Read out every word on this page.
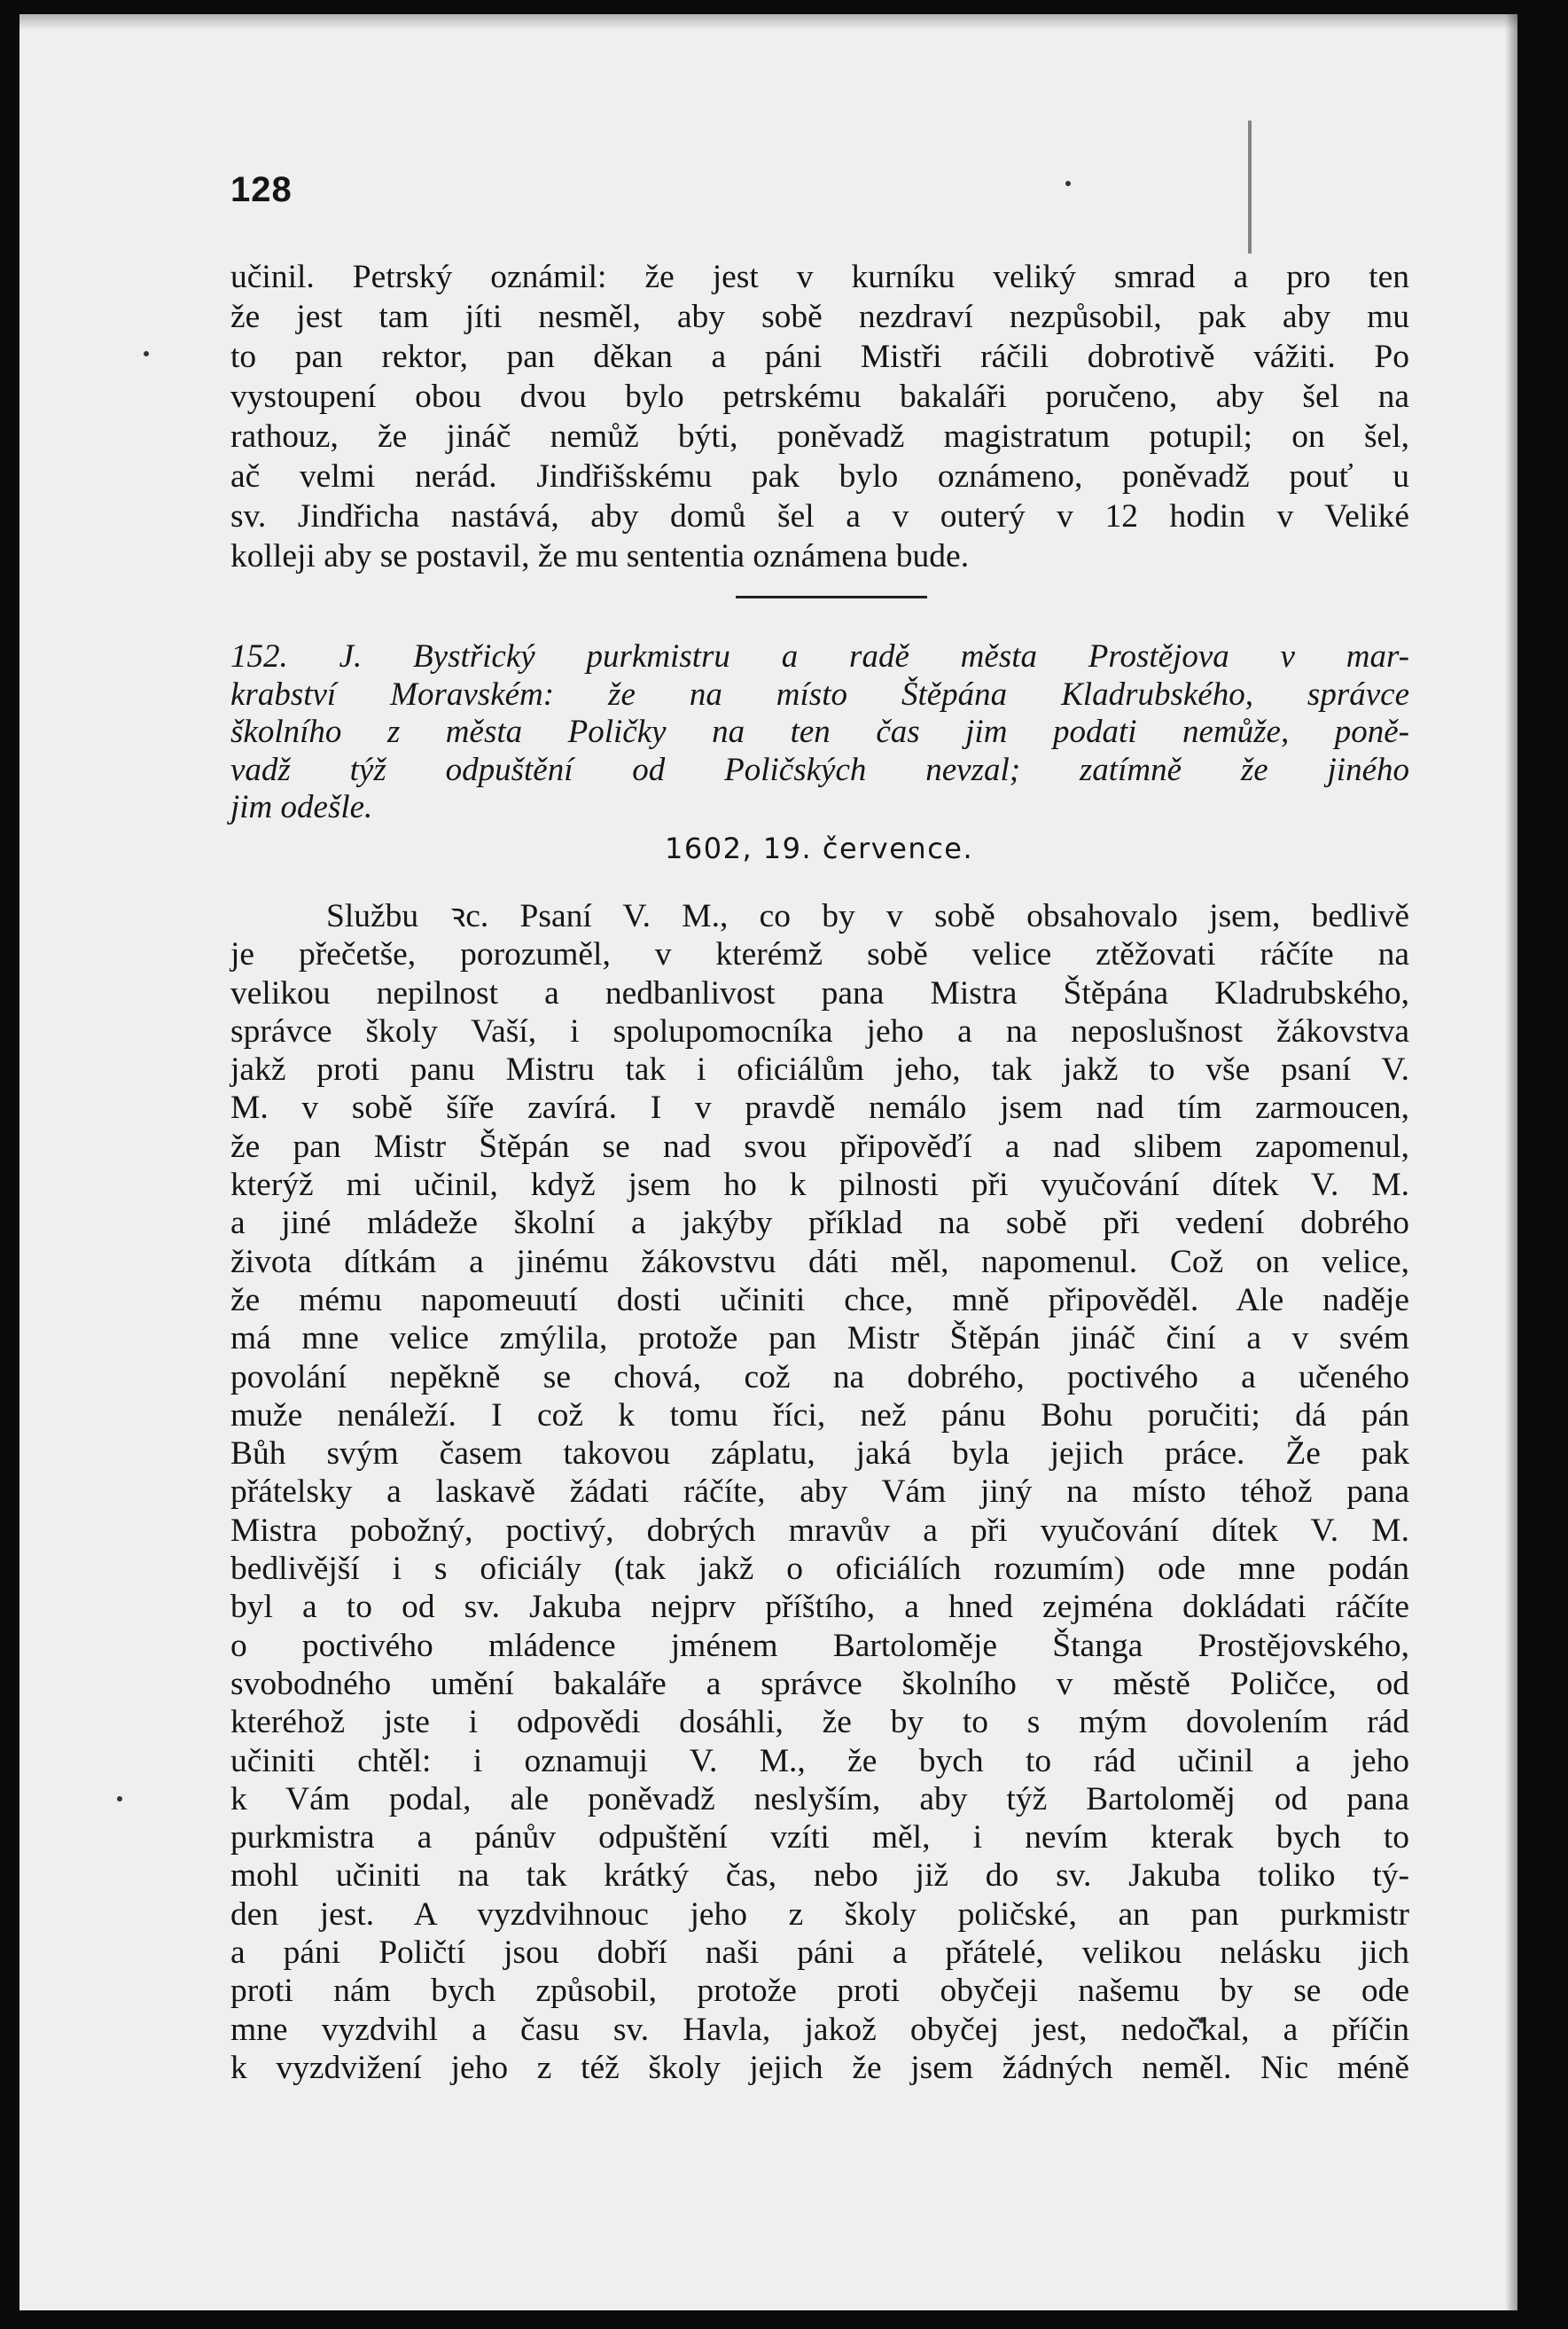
128
učinil. Petrský oznámil: že jest v kurníku veliký smrad a pro ten
že jest tam jíti nesměl, aby sobě nezdraví nezpůsobil, pak aby mu
to pan rektor, pan děkan a páni Mistři ráčili dobrotivě vážiti. Po
vystoupení obou dvou bylo petrskému bakaláři poručeno, aby šel na
rathouz, že jináč nemůž býti, poněvadž magistratum potupil; on šel,
ač velmi nerád. Jindřišskému pak bylo oznámeno, poněvadž pouť u
sv. Jindřicha nastává, aby domů šel a v outerý v 12 hodin v Veliké
kolleji aby se postavil, že mu sententia oznámena bude.
152. J. Bystřický purkmistru a radě města Prostějova v mar-
krabství Moravském: že na místo Štěpána Kladrubského, správce
školního z města Poličky na ten čas jim podati nemůže, poně-
vadž týž odpuštění od Poličských nevzal; zatímně že jiného
jim odešle.
1602, 19. července.
Službu ꝛc. Psaní V. M., co by v sobě obsahovalo jsem, bedlivě
je přečetše, porozuměl, v kterémž sobě velice ztěžovati ráčíte na
velikou nepilnost a nedbanlivost pana Mistra Štěpána Kladrubského,
správce školy Vaší, i spolupomocníka jeho a na neposlušnost žákovstva
jakž proti panu Mistru tak i oficiálům jeho, tak jakž to vše psaní V.
M. v sobě šíře zavírá. I v pravdě nemálo jsem nad tím zarmoucen,
že pan Mistr Štěpán se nad svou připověďí a nad slibem zapomenul,
kterýž mi učinil, když jsem ho k pilnosti při vyučování dítek V. M.
a jiné mládeže školní a jakýby příklad na sobě při vedení dobrého
života dítkám a jinému žákovstvu dáti měl, napomenul. Což on velice,
že mému napomeuutí dosti učiniti chce, mně připověděl. Ale naděje
má mne velice zmýlila, protože pan Mistr Štěpán jináč činí a v svém
povolání nepěkně se chová, což na dobrého, poctivého a učeného
muže nenáleží. I což k tomu říci, než pánu Bohu poručiti; dá pán
Bůh svým časem takovou záplatu, jaká byla jejich práce. Že pak
přátelsky a laskavě žádati ráčíte, aby Vám jiný na místo téhož pana
Mistra pobožný, poctivý, dobrých mravův a při vyučování dítek V. M.
bedlivější i s oficiály (tak jakž o oficiálích rozumím) ode mne podán
byl a to od sv. Jakuba nejprv příštího, a hned zejména dokládati ráčíte
o poctivého mládence jménem Bartoloměje Štanga Prostějovského,
svobodného umění bakaláře a správce školního v městě Poličce, od
kteréhož jste i odpovědi dosáhli, že by to s mým dovolením rád
učiniti chtěl: i oznamuji V. M., že bych to rád učinil a jeho
k Vám podal, ale poněvadž neslyším, aby týž Bartoloměj od pana
purkmistra a pánův odpuštění vzíti měl, i nevím kterak bych to
mohl učiniti na tak krátký čas, nebo již do sv. Jakuba toliko tý-
den jest. A vyzdvihnouc jeho z školy poličské, an pan purkmistr
a páni Poličtí jsou dobří naši páni a přátelé, velikou nelásku jich
proti nám bych způsobil, protože proti obyčeji našemu by se ode
mne vyzdvihl a času sv. Havla, jakož obyčej jest, nedočkal, a příčin
k vyzdvižení jeho z též školy jejich že jsem žádných neměl. Nic méně
